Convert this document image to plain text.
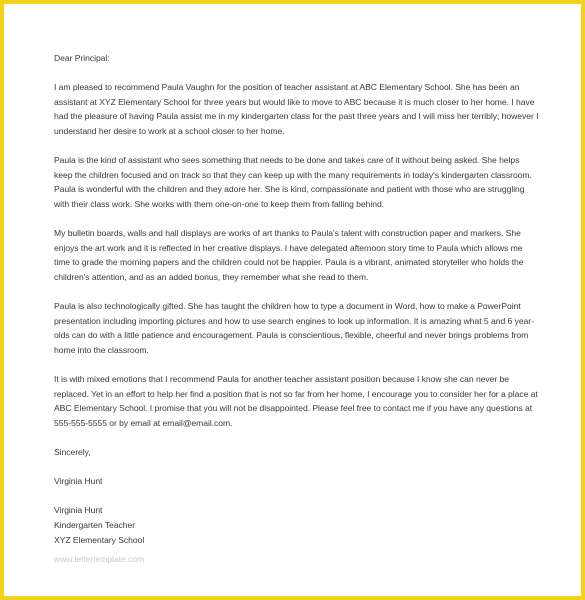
Dear Principal:

I am pleased to recommend Paula Vaughn for the position of teacher assistant at ABC Elementary School. She has been an assistant at XYZ Elementary School for three years but would like to move to ABC because it is much closer to her home. I have had the pleasure of having Paula assist me in my kindergarten class for the past three years and I will miss her terribly; however I understand her desire to work at a school closer to her home.

Paula is the kind of assistant who sees something that needs to be done and takes care of it without being asked. She helps keep the children focused and on track so that they can keep up with the many requirements in today's kindergarten classroom. Paula is wonderful with the children and they adore her. She is kind, compassionate and patient with those who are struggling with their class work. She works with them one-on-one to keep them from falling behind.

My bulletin boards, walls and hall displays are works of art thanks to Paula's talent with construction paper and markers. She enjoys the art work and it is reflected in her creative displays. I have delegated afternoon story time to Paula which allows me time to grade the morning papers and the children could not be happier. Paula is a vibrant, animated storyteller who holds the children's attention, and as an added bonus, they remember what she read to them.

Paula is also technologically gifted. She has taught the children how to type a document in Word, how to make a PowerPoint presentation including importing pictures and how to use search engines to look up information. It is amazing what 5 and 6 year-olds can do with a little patience and encouragement. Paula is conscientious, flexible, cheerful and never brings problems from home into the classroom.

It is with mixed emotions that I recommend Paula for another teacher assistant position because I know she can never be replaced. Yet in an effort to help her find a position that is not so far from her home, I encourage you to consider her for a place at ABC Elementary School. I promise that you will not be disappointed. Please feel free to contact me if you have any questions at 555-555-5555 or by email at email@email.com.

Sincerely,

Virginia Hunt

Virginia Hunt
Kindergarten Teacher
XYZ Elementary School
www.lettertemplate.com
